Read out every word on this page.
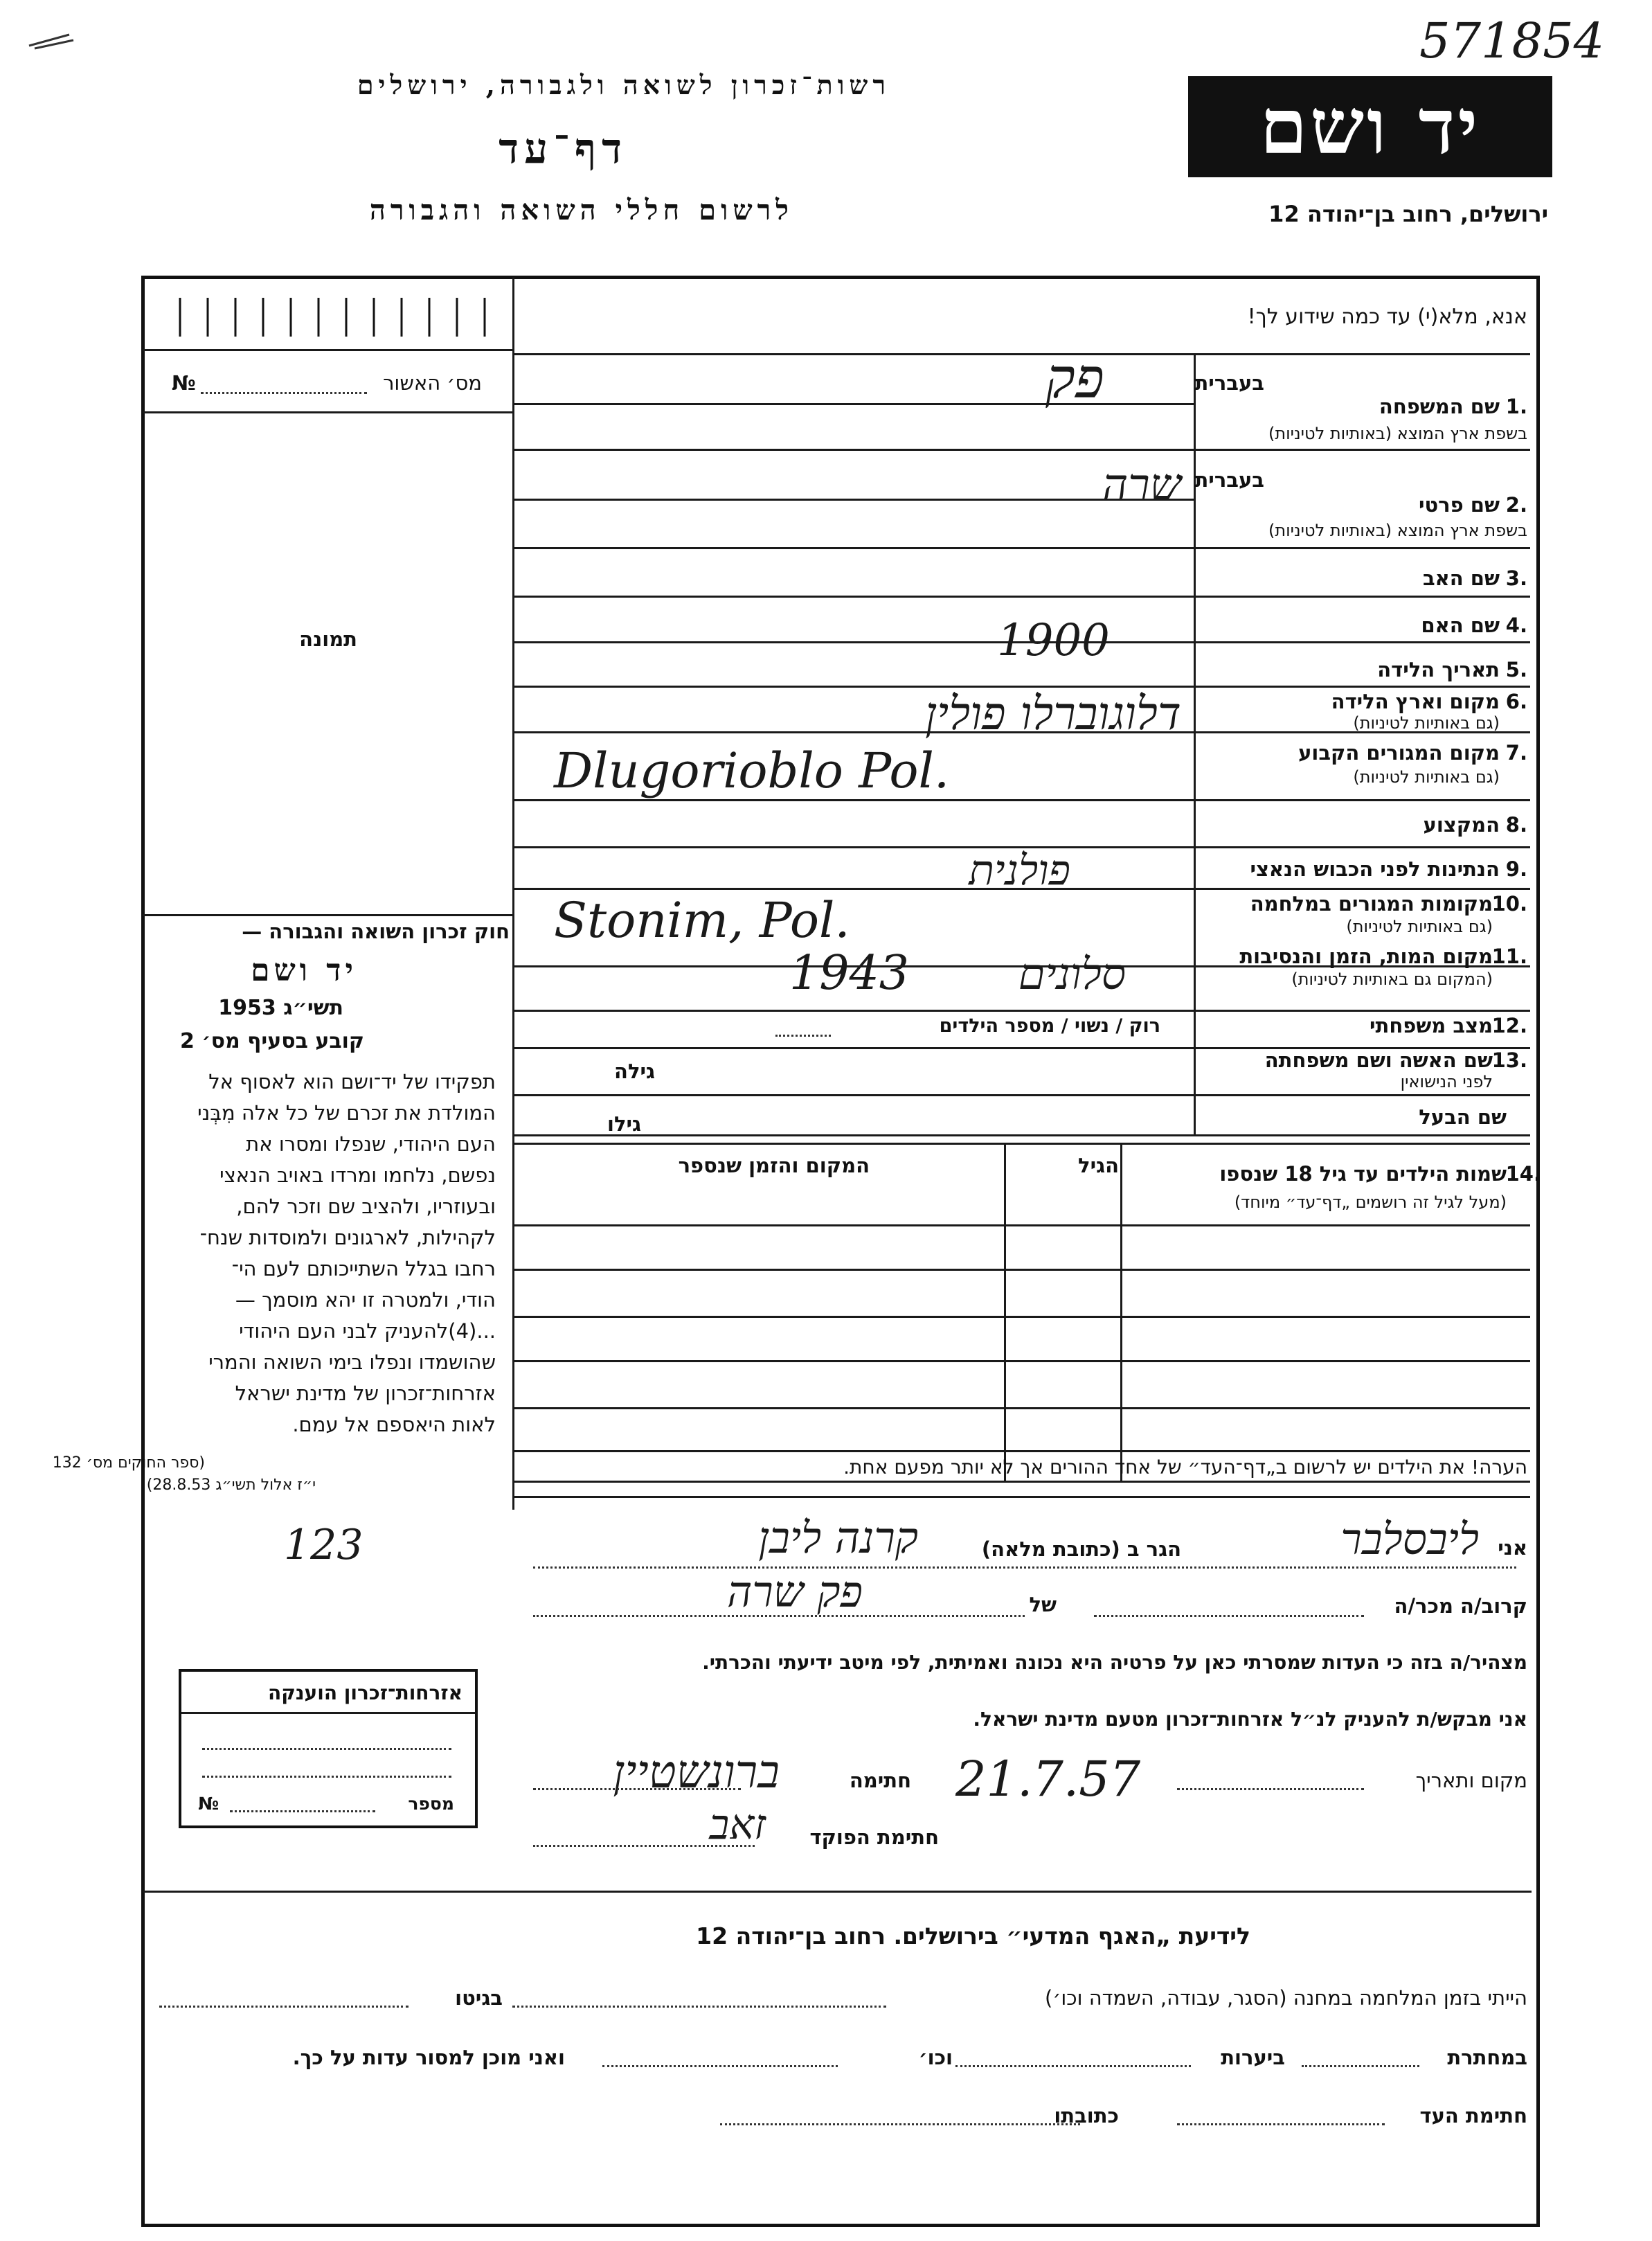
571854
רשות־זכרון לשואה ולגבורה, ירושלים
דף־עד
לרשום חללי השואה והגבורה
יד ושם
ירושלים, רחוב בן־יהודה 12
מס׳ האשור
№
תמונה
חוק זכרון השואה והגבורה —
יד ושם
תשי״ג 1953
קובע בסעיף מס׳ 2
תפקידו של יד־ושם הוא לאסוף אל
המולדת את זכרם של כל אלה מִבְּני
העם היהודי, שנפלו ומסרו את
נפשם, נלחמו ומרדו באויב הנאצי
ובעוזריו, ולהציב שם וזכר להם,
לקהילות, לארגונים ולמוסדות שנח־
רחבו בגלל השתייכותם לעם הי־
הודי, ולמטרה זו יהא מוסמך —
...(4)להעניק לבני העם היהודי
שהושמדו ונפלו בימי השואה והמרי
אזרחות־זכרון של מדינת ישראל
לאות היאספם אל עמם.
(ספר החוקים מס׳ 132
י״ז אלול תשי״ג 28.8.53)
אנא, מלא(י) עד כמה שידוע לך!
בעברית
1.
שם המשפחה
בשפת ארץ המוצא (באותיות לטיניות)
בעברית
2.
שם פרטי
בשפת ארץ המוצא (באותיות לטיניות)
3.
שם האב
4.
שם האם
5.
תאריך הלידה
6.
מקום וארץ הלידה
(גם באותיות לטיניות)
7.
מקום המגורים הקבוע
(גם באותיות לטיניות)
8.
המקצוע
9.
הנתינות לפני הכבוש הנאצי
10.
מקומות המגורים במלחמה
(גם באותיות לטיניות)
11.
מקום המות, הזמן והנסיבות
(המקום גם באותיות לטיניות)
12.
מצב משפחתי
רוק / נשוי / מספר הילדים
13.
שם האשה ושם משפחתה
לפני הנישואין
גילה
שם הבעל
גילו
14.
שמות הילדים עד גיל 18 שנספו
(מעל לגיל זה רושמים „דף־עד״ מיוחד)
הגיל
המקום והזמן שנספר
הערה! את הילדים יש לרשום ב„דף־העד״ של אחד ההורים אך לא יותר מפעם אחת.
פק
שרה
1900
דלוגוברלו פולין
Dlugorioblo Pol.
פולנית
Stonim, Pol.
סלונים
1943
אני
ליבסלבר
הגר ב (כתובת מלאה)
קרנה ליבן
123
קרוב/ה מכר/ה
של
פק שרה
מצהיר/ה בזה כי העדות שמסרתי כאן על פרטיה היא נכונה ואמיתית, לפי מיטב ידיעתי והכרתי.
אני מבקש/ת להעניק לנ״ל אזרחות־זכרון מטעם מדינת ישראל.
מקום ותאריך
21.7.57
חתימה
ברונשטיין
חתימת הפוקד
זאב
אזרחות־זכרון הוענקה
מספר
№
לידיעת „האגף המדעי״ בירושלים. רחוב בן־יהודה 12
הייתי בזמן המלחמה במחנה (הסגר, עבודה, השמדה וכו׳)
בגיטו
במחתרת
ביערות
וכו׳
ואני מוכן למסור עדות על כך.
חתימת העד
כתובתו
